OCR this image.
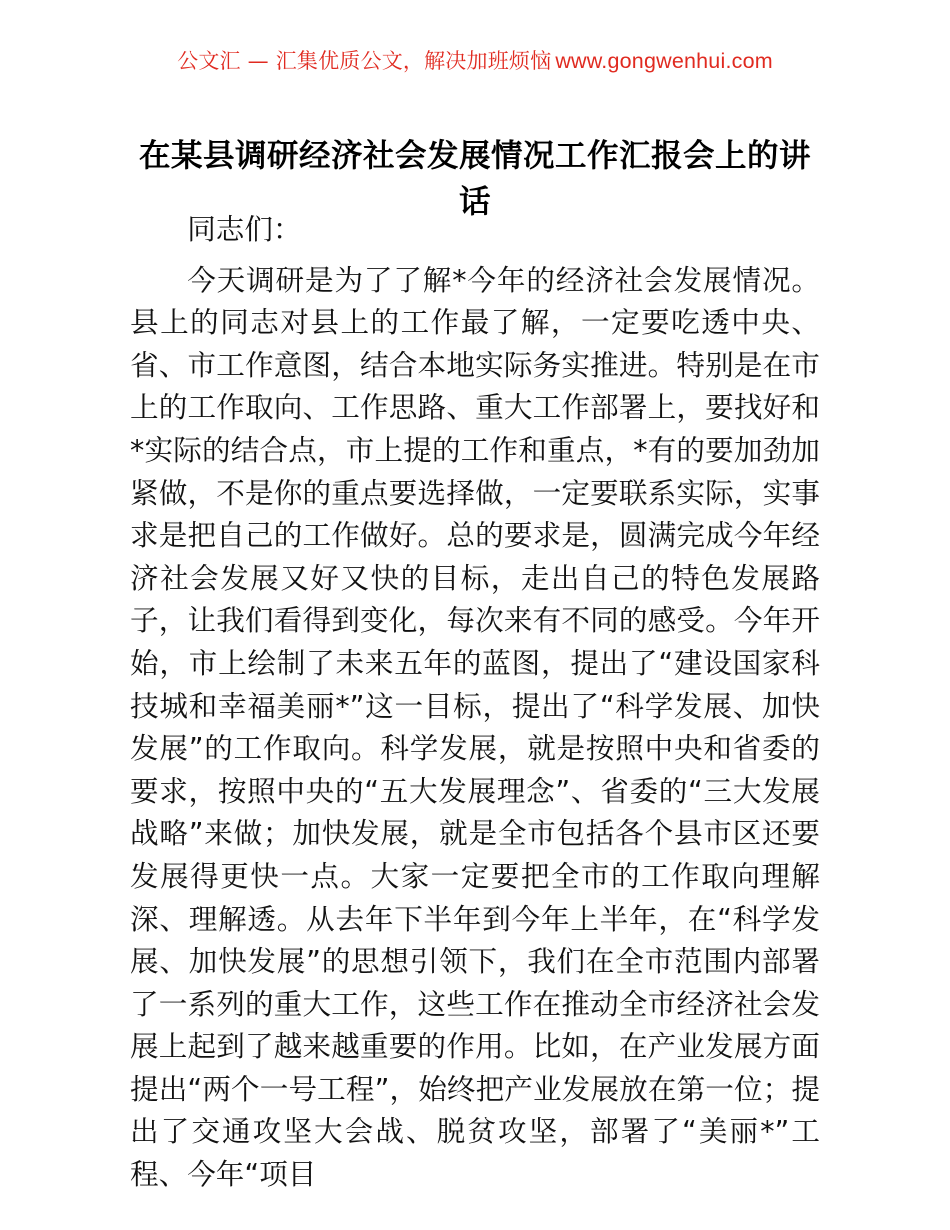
公文汇 — 汇集优质公文，解决加班烦恼 www.gongwenhui.com
在某县调研经济社会发展情况工作汇报会上的讲话

同志们：

今天调研是为了了解*今年的经济社会发展情况。县上的同志对县上的工作最了解，一定要吃透中央、省、市工作意图，结合本地实际务实推进。特别是在市上的工作取向、工作思路、重大工作部署上，要找好和*实际的结合点，市上提的工作和重点，*有的要加劲加紧做，不是你的重点要选择做，一定要联系实际，实事求是把自己的工作做好。总的要求是，圆满完成今年经济社会发展又好又快的目标，走出自己的特色发展路子，让我们看得到变化，每次来有不同的感受。今年开始，市上绘制了未来五年的蓝图，提出了“建设国家科技城和幸福美丽*”这一目标，提出了“科学发展、加快发展”的工作取向。科学发展，就是按照中央和省委的要求，按照中央的“五大发展理念”、省委的“三大发展战略”来做；加快发展，就是全市包括各个县市区还要发展得更快一点。大家一定要把全市的工作取向理解深、理解透。从去年下半年到今年上半年，在“科学发展、加快发展”的思想引领下，我们在全市范围内部署了一系列的重大工作，这些工作在推动全市经济社会发展上起到了越来越重要的作用。比如，在产业发展方面提出“两个一号工程”，始终把产业发展放在第一位；提出了交通攻坚大会战、脱贫攻坚，部署了“美丽*”工程、今年“项目
